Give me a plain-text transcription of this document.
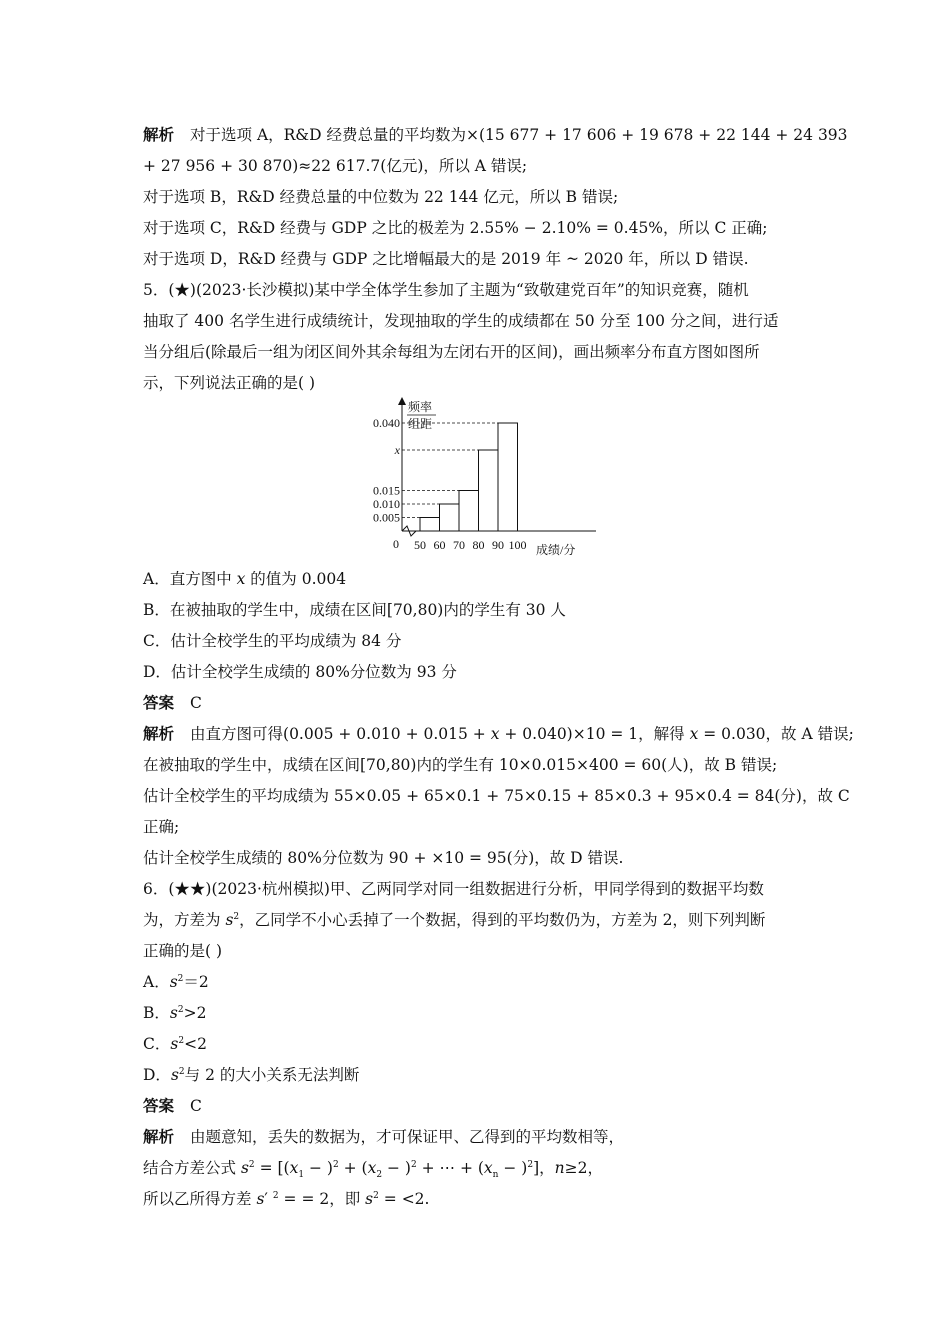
解析 对于选项 A，R&D 经费总量的平均数为×(15 677 + 17 606 + 19 678 + 22 144 + 24 393
+ 27 956 + 30 870)≈22 617.7(亿元)，所以 A 错误;
对于选项 B，R&D 经费总量的中位数为 22 144 亿元，所以 B 错误;
对于选项 C，R&D 经费与 GDP 之比的极差为 2.55% − 2.10% = 0.45%，所以 C 正确;
对于选项 D，R&D 经费与 GDP 之比增幅最大的是 2019 年 ~ 2020 年，所以 D 错误.
5．(★)(2023·长沙模拟)某中学全体学生参加了主题为“致敬建党百年”的知识竞赛，随机
抽取了 400 名学生进行成绩统计，发现抽取的学生的成绩都在 50 分至 100 分之间，进行适
当分组后(除最后一组为闭区间外其余每组为左闭右开的区间)，画出频率分布直方图如图所
示，下列说法正确的是( )
频率
组距
0	成绩/分
50 60 70 80 90 100
0.005
0.010
0.015
x
0.040
A．直方图中 x 的值为 0.004
B．在被抽取的学生中，成绩在区间[70,80)内的学生有 30 人
C．估计全校学生的平均成绩为 84 分
D．估计全校学生成绩的 80%分位数为 93 分
答案 C
解析 由直方图可得(0.005 + 0.010 + 0.015 + x + 0.040)×10 = 1，解得 x = 0.030，故 A 错误;
在被抽取的学生中，成绩在区间[70,80)内的学生有 10×0.015×400 = 60(人)，故 B 错误;
估计全校学生的平均成绩为 55×0.05 + 65×0.1 + 75×0.15 + 85×0.3 + 95×0.4 = 84(分)，故 C
正确;
估计全校学生成绩的 80%分位数为 90 + ×10 = 95(分)，故 D 错误.
6．(★★)(2023·杭州模拟)甲、乙两同学对同一组数据进行分析，甲同学得到的数据平均数
为，方差为 $s^2$，乙同学不小心丢掉了一个数据，得到的平均数仍为，方差为 2，则下列判断
正确的是( )
A．$s^2=2$
B．$s^2>2$
C．$s^2<2$
D．$s^2$与 2 的大小关系无法判断
答案 C
解析 由题意知，丢失的数据为，才可保证甲、乙得到的平均数相等，
结合方差公式 $s^2 = [(x_1 - )^2 + (x_2 - )^2$ + ⋯ + $(x_n - )^2$]，n≥2，
所以乙所得方差 s′ $^2$ = = 2，即 $s^2 = <2$.
